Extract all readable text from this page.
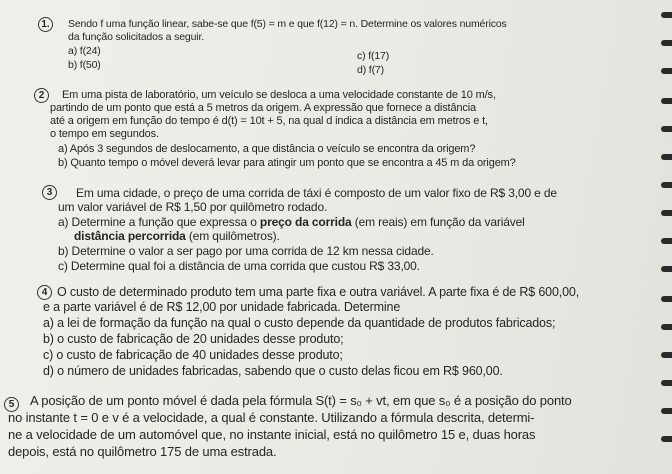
1.	Sendo f uma função linear, sabe-se que f(5) = m e que f(12) = n. Determine os valores numéricos
da função solicitados a seguir.
a) f(24)
b) f(50)
c) f(17)
d) f(7)
2	Em uma pista de laboratório, um veículo se desloca a uma velocidade constante de 10 m/s,
partindo de um ponto que está a 5 metros da origem. A expressão que fornece a distância
até a origem em função do tempo é d(t) = 10t + 5, na qual d indica a distância em metros e t,
o tempo em segundos.
a) Após 3 segundos de deslocamento, a que distância o veículo se encontra da origem?
b) Quanto tempo o móvel deverá levar para atingir um ponto que se encontra a 45 m da origem?
3	Em uma cidade, o preço de uma corrida de táxi é composto de um valor fixo de R$ 3,00 e de
um valor variável de R$ 1,50 por quilômetro rodado.
a) Determine a função que expressa o preço da corrida (em reais) em função da variável
distância percorrida (em quilômetros).
b) Determine o valor a ser pago por uma corrida de 12 km nessa cidade.
c) Determine qual foi a distância de uma corrida que custou R$ 33,00.
4 O custo de determinado produto tem uma parte fixa e outra variável. A parte fixa é de R$ 600,00,
e a parte variável é de R$ 12,00 por unidade fabricada. Determine
a) a lei de formação da função na qual o custo depende da quantidade de produtos fabricados;
b) o custo de fabricação de 20 unidades desse produto;
c) o custo de fabricação de 40 unidades desse produto;
d) o número de unidades fabricadas, sabendo que o custo delas ficou em R$ 960,00.
5	A posição de um ponto móvel é dada pela fórmula S(t) = s₀ + vt, em que s₀ é a posição do ponto
no instante t = 0 e v é a velocidade, a qual é constante. Utilizando a fórmula descrita, determi-
ne a velocidade de um automóvel que, no instante inicial, está no quilômetro 15 e, duas horas
depois, está no quilômetro 175 de uma estrada.
